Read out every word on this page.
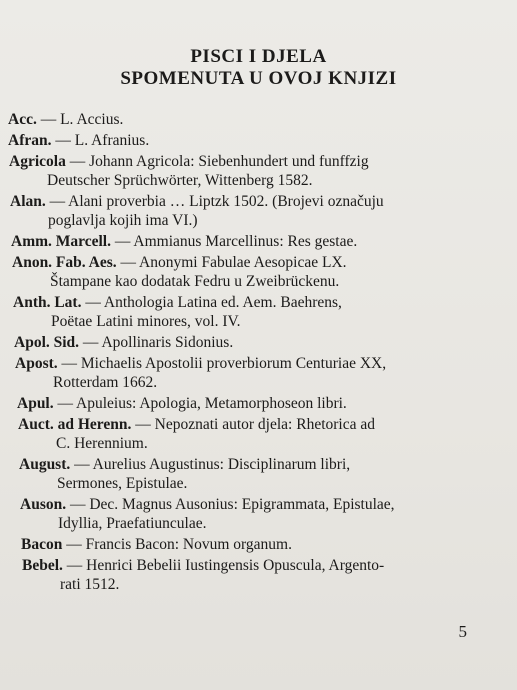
PISCI I DJELA
SPOMENUTA U OVOJ KNJIZI
Acc. — L. Accius.
Afran. — L. Afranius.
Agricola — Johann Agricola: Siebenhundert und funffzig
Deutscher Sprüchwörter, Wittenberg 1582.
Alan. — Alani proverbia … Liptzk 1502. (Brojevi označuju
poglavlja kojih ima VI.)
Amm. Marcell. — Ammianus Marcellinus: Res gestae.
Anon. Fab. Aes. — Anonymi Fabulae Aesopicae LX.
Štampane kao dodatak Fedru u Zweibrückenu.
Anth. Lat. — Anthologia Latina ed. Aem. Baehrens,
Poëtae Latini minores, vol. IV.
Apol. Sid. — Apollinaris Sidonius.
Apost. — Michaelis Apostolii proverbiorum Centuriae XX,
Rotterdam 1662.
Apul. — Apuleius: Apologia, Metamorphoseon libri.
Auct. ad Herenn. — Nepoznati autor djela: Rhetorica ad
C. Herennium.
August. — Aurelius Augustinus: Disciplinarum libri,
Sermones, Epistulae.
Auson. — Dec. Magnus Ausonius: Epigrammata, Epistulae,
Idyllia, Praefatiunculae.
Bacon — Francis Bacon: Novum organum.
Bebel. — Henrici Bebelii Iustingensis Opuscula, Argento-
rati 1512.
5
